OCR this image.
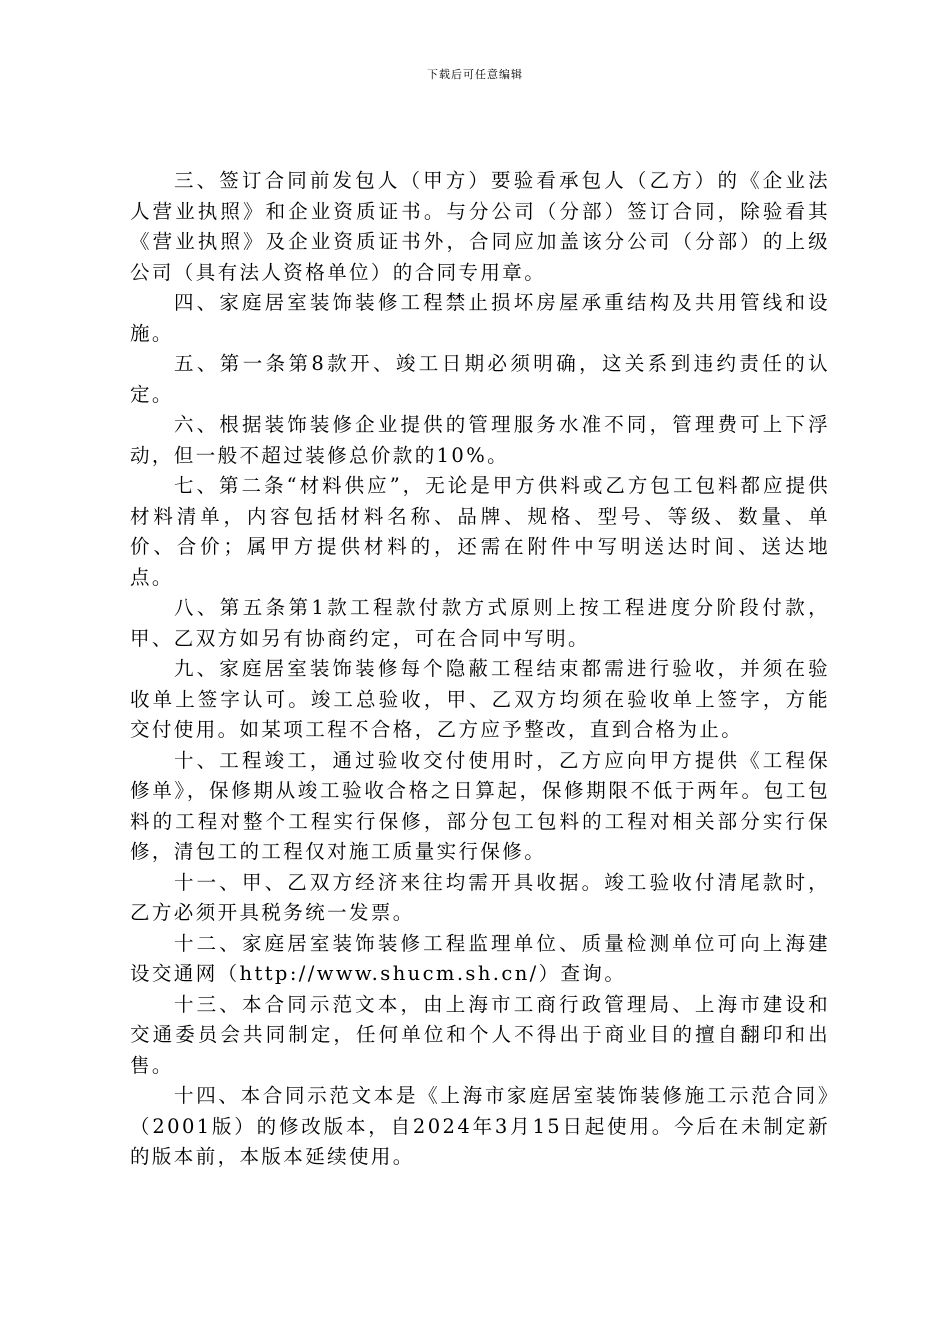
下载后可任意编辑

三、签订合同前发包人（甲方）要验看承包人（乙方）的《企业法人营业执照》和企业资质证书。与分公司（分部）签订合同，除验看其《营业执照》及企业资质证书外，合同应加盖该分公司（分部）的上级公司（具有法人资格单位）的合同专用章。

四、家庭居室装饰装修工程禁止损坏房屋承重结构及共用管线和设施。

五、第一条第8款开、竣工日期必须明确，这关系到违约责任的认定。

六、根据装饰装修企业提供的管理服务水准不同，管理费可上下浮动，但一般不超过装修总价款的10%。

七、第二条“材料供应”，无论是甲方供料或乙方包工包料都应提供材料清单，内容包括材料名称、品牌、规格、型号、等级、数量、单价、合价；属甲方提供材料的，还需在附件中写明送达时间、送达地点。

八、第五条第1款工程款付款方式原则上按工程进度分阶段付款，甲、乙双方如另有协商约定，可在合同中写明。

九、家庭居室装饰装修每个隐蔽工程结束都需进行验收，并须在验收单上签字认可。竣工总验收，甲、乙双方均须在验收单上签字，方能交付使用。如某项工程不合格，乙方应予整改，直到合格为止。

十、工程竣工，通过验收交付使用时，乙方应向甲方提供《工程保修单》，保修期从竣工验收合格之日算起，保修期限不低于两年。包工包料的工程对整个工程实行保修，部分包工包料的工程对相关部分实行保修，清包工的工程仅对施工质量实行保修。

十一、甲、乙双方经济来往均需开具收据。竣工验收付清尾款时，乙方必须开具税务统一发票。

十二、家庭居室装饰装修工程监理单位、质量检测单位可向上海建设交通网（http://www.shucm.sh.cn/）查询。

十三、本合同示范文本，由上海市工商行政管理局、上海市建设和交通委员会共同制定，任何单位和个人不得出于商业目的擅自翻印和出售。

十四、本合同示范文本是《上海市家庭居室装饰装修施工示范合同》（2001版）的修改版本，自2024年3月15日起使用。今后在未制定新的版本前，本版本延续使用。
